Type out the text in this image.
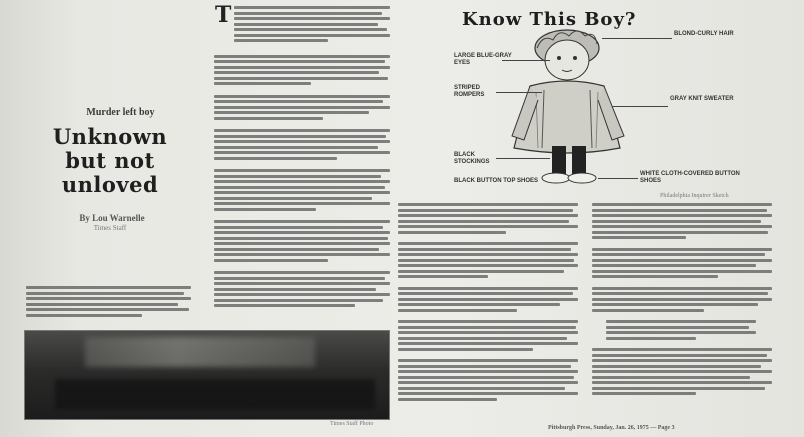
Murder left boy
Unknown
but not
unloved
By Lou Warnelle
Times Staff
T
Times Staff Photo
Know This Boy?
LARGE BLUE-GRAY EYES
BLOND-CURLY HAIR
STRIPED ROMPERS
GRAY KNIT SWEATER
BLACK STOCKINGS
WHITE CLOTH-COVERED BUTTON SHOES
BLACK BUTTON TOP SHOES
Philadelphia Inquirer Sketch
Pittsburgh Press, Sunday, Jan. 26, 1975 — Page 3
